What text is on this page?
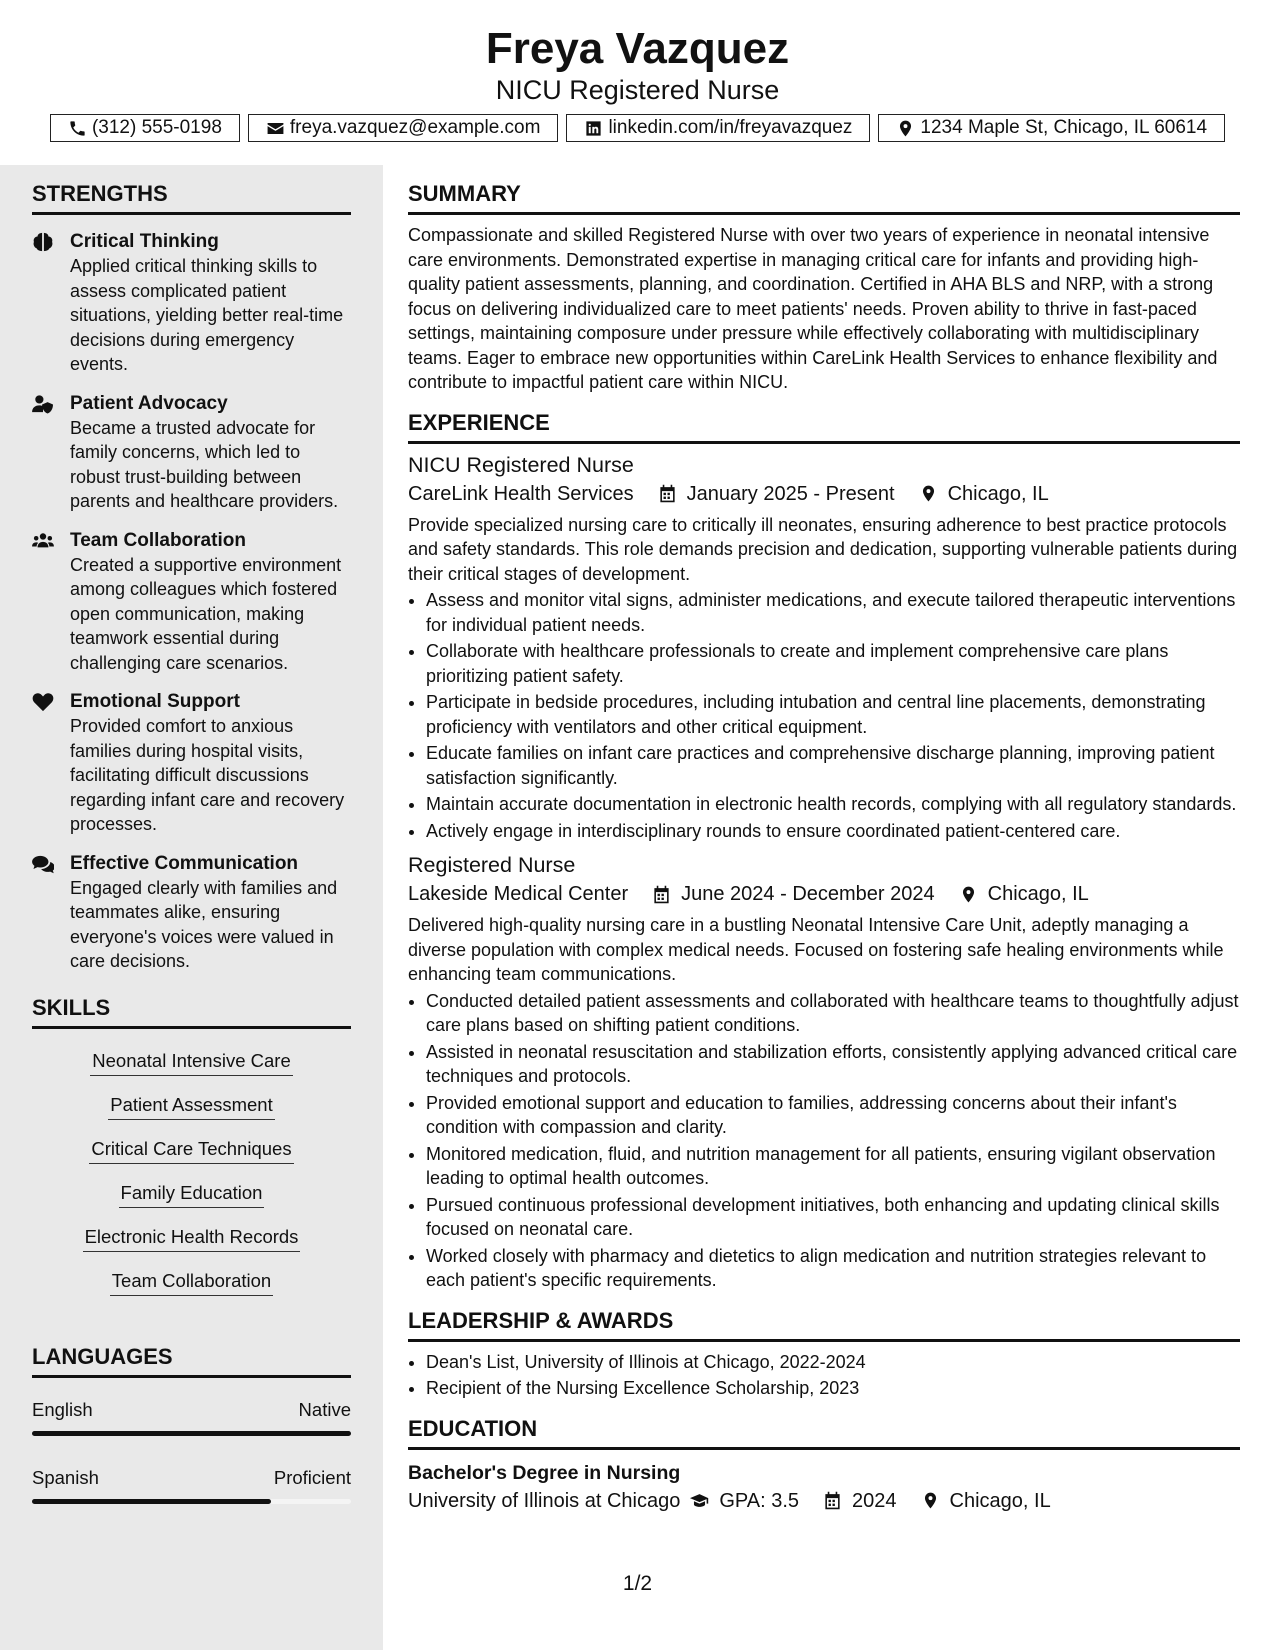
Freya Vazquez
NICU Registered Nurse
(312) 555-0198	freya.vazquez@example.com	linkedin.com/in/freyavazquez	1234 Maple St, Chicago, IL 60614
STRENGTHS
Critical Thinking
Applied critical thinking skills to assess complicated patient situations, yielding better real-time decisions during emergency events.
Patient Advocacy
Became a trusted advocate for family concerns, which led to robust trust-building between parents and healthcare providers.
Team Collaboration
Created a supportive environment among colleagues which fostered open communication, making teamwork essential during challenging care scenarios.
Emotional Support
Provided comfort to anxious families during hospital visits, facilitating difficult discussions regarding infant care and recovery processes.
Effective Communication
Engaged clearly with families and teammates alike, ensuring everyone's voices were valued in care decisions.
SKILLS
Neonatal Intensive Care
Patient Assessment
Critical Care Techniques
Family Education
Electronic Health Records
Team Collaboration
LANGUAGES
English	Native
Spanish	Proficient
SUMMARY
Compassionate and skilled Registered Nurse with over two years of experience in neonatal intensive care environments. Demonstrated expertise in managing critical care for infants and providing high-quality patient assessments, planning, and coordination. Certified in AHA BLS and NRP, with a strong focus on delivering individualized care to meet patients' needs. Proven ability to thrive in fast-paced settings, maintaining composure under pressure while effectively collaborating with multidisciplinary teams. Eager to embrace new opportunities within CareLink Health Services to enhance flexibility and contribute to impactful patient care within NICU.
EXPERIENCE
NICU Registered Nurse
CareLink Health Services	January 2025 - Present	Chicago, IL
Provide specialized nursing care to critically ill neonates, ensuring adherence to best practice protocols and safety standards. This role demands precision and dedication, supporting vulnerable patients during their critical stages of development.
• Assess and monitor vital signs, administer medications, and execute tailored therapeutic interventions for individual patient needs.
• Collaborate with healthcare professionals to create and implement comprehensive care plans prioritizing patient safety.
• Participate in bedside procedures, including intubation and central line placements, demonstrating proficiency with ventilators and other critical equipment.
• Educate families on infant care practices and comprehensive discharge planning, improving patient satisfaction significantly.
• Maintain accurate documentation in electronic health records, complying with all regulatory standards.
• Actively engage in interdisciplinary rounds to ensure coordinated patient-centered care.
Registered Nurse
Lakeside Medical Center	June 2024 - December 2024	Chicago, IL
Delivered high-quality nursing care in a bustling Neonatal Intensive Care Unit, adeptly managing a diverse population with complex medical needs. Focused on fostering safe healing environments while enhancing team communications.
• Conducted detailed patient assessments and collaborated with healthcare teams to thoughtfully adjust care plans based on shifting patient conditions.
• Assisted in neonatal resuscitation and stabilization efforts, consistently applying advanced critical care techniques and protocols.
• Provided emotional support and education to families, addressing concerns about their infant's condition with compassion and clarity.
• Monitored medication, fluid, and nutrition management for all patients, ensuring vigilant observation leading to optimal health outcomes.
• Pursued continuous professional development initiatives, both enhancing and updating clinical skills focused on neonatal care.
• Worked closely with pharmacy and dietetics to align medication and nutrition strategies relevant to each patient's specific requirements.
LEADERSHIP & AWARDS
• Dean's List, University of Illinois at Chicago, 2022-2024
• Recipient of the Nursing Excellence Scholarship, 2023
EDUCATION
Bachelor's Degree in Nursing
University of Illinois at Chicago GPA: 3.5	2024	Chicago, IL
1/2
